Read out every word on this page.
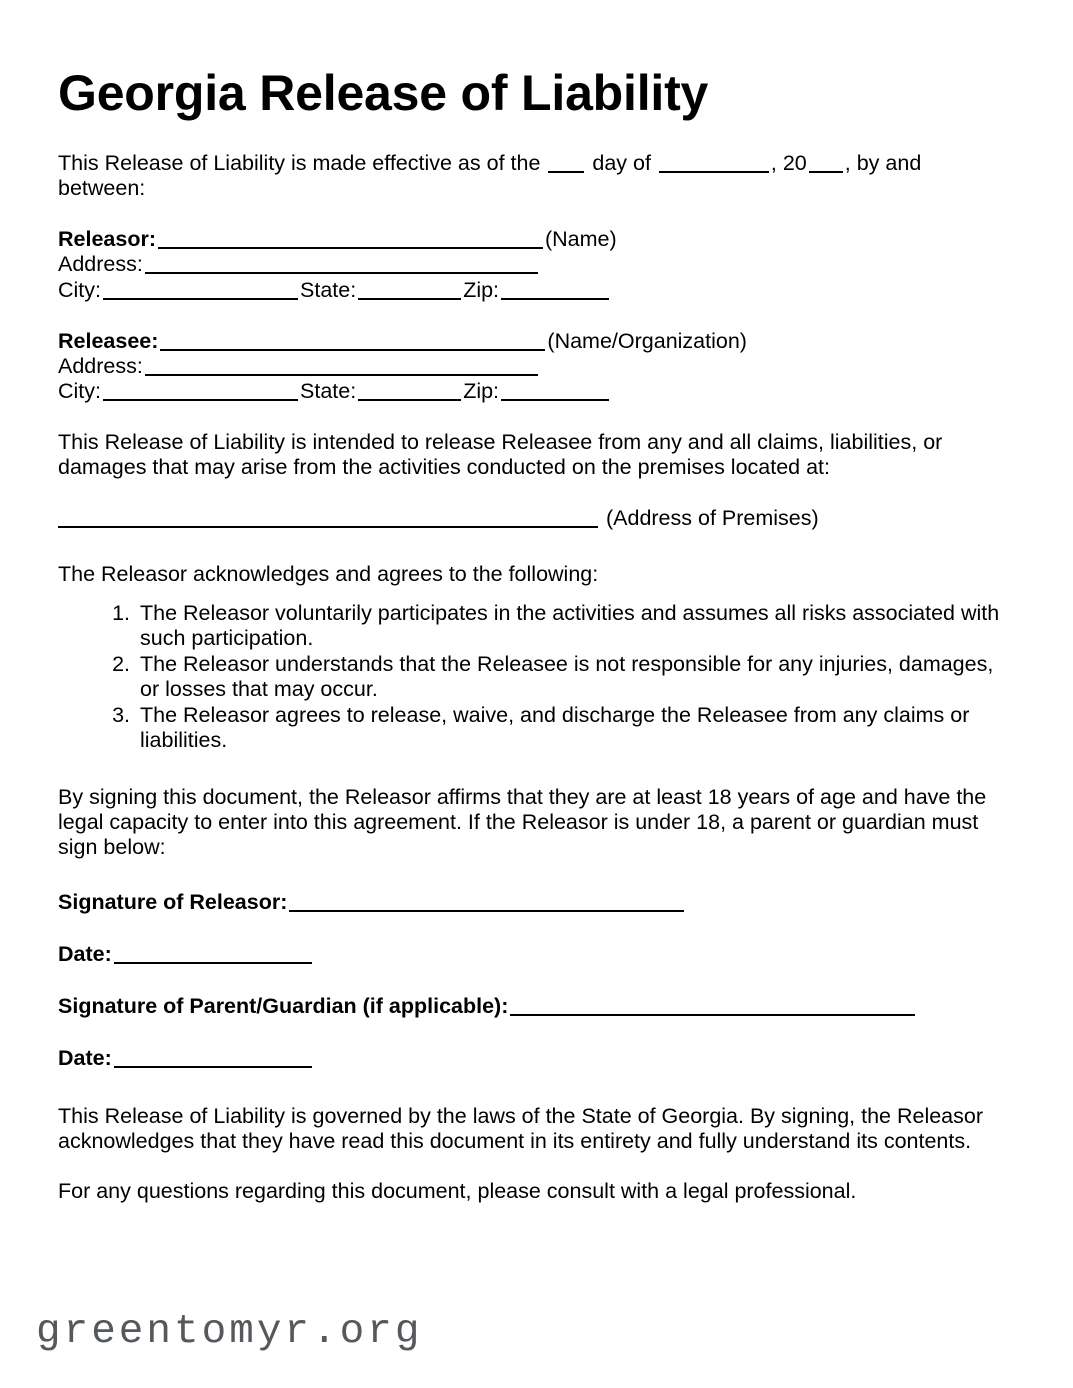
Georgia Release of Liability

This Release of Liability is made effective as of the  day of	, 20 , by and between:

Releasor:	(Name)
Address:
City:	State:	Zip:
Releasee:	(Name/Organization)
Address:
City:	State:	Zip:

This Release of Liability is intended to release Releasee from any and all claims, liabilities, or damages that may arise from the activities conducted on the premises located at:

(Address of Premises)

The Releasor acknowledges and agrees to the following:

1. The Releasor voluntarily participates in the activities and assumes all risks associated with such participation.
2. The Releasor understands that the Releasee is not responsible for any injuries, damages, or losses that may occur.
3. The Releasor agrees to release, waive, and discharge the Releasee from any claims or liabilities.

By signing this document, the Releasor affirms that they are at least 18 years of age and have the legal capacity to enter into this agreement. If the Releasor is under 18, a parent or guardian must sign below:

Signature of Releasor:
Date:
Signature of Parent/Guardian (if applicable):
Date:

This Release of Liability is governed by the laws of the State of Georgia. By signing, the Releasor acknowledges that they have read this document in its entirety and fully understand its contents.

For any questions regarding this document, please consult with a legal professional.

greentomyr.org
